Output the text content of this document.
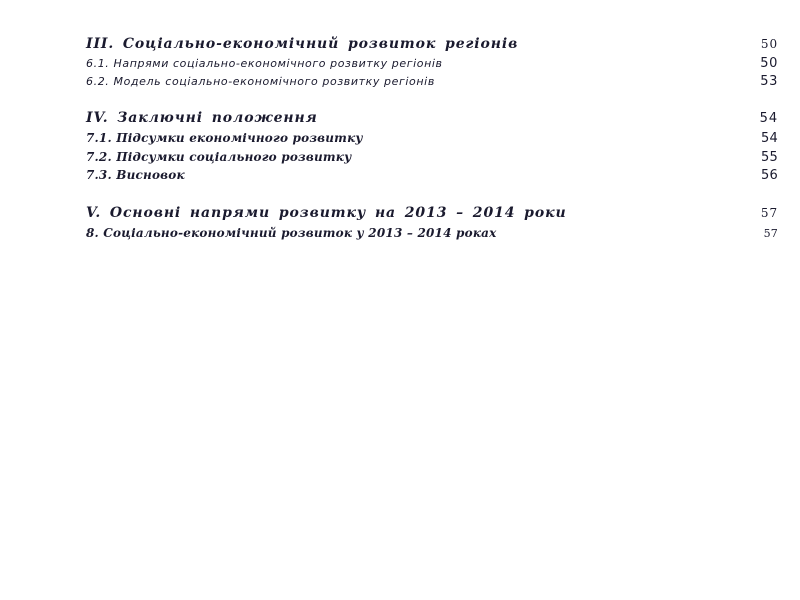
ІІІ. Соціально-економічний розвиток регіонів	50
6.1. Напрями соціально-економічного розвитку регіонів	50
6.2. Модель соціально-економічного розвитку регіонів	53
ІV. Заключні положення	54
7.1. Підсумки економічного розвитку	54
7.2. Підсумки соціального розвитку	55
7.3. Висновок	56
V. Основні напрями розвитку на 2013 – 2014 роки	57
8. Соціально-економічний розвиток у 2013 – 2014 роках	57
